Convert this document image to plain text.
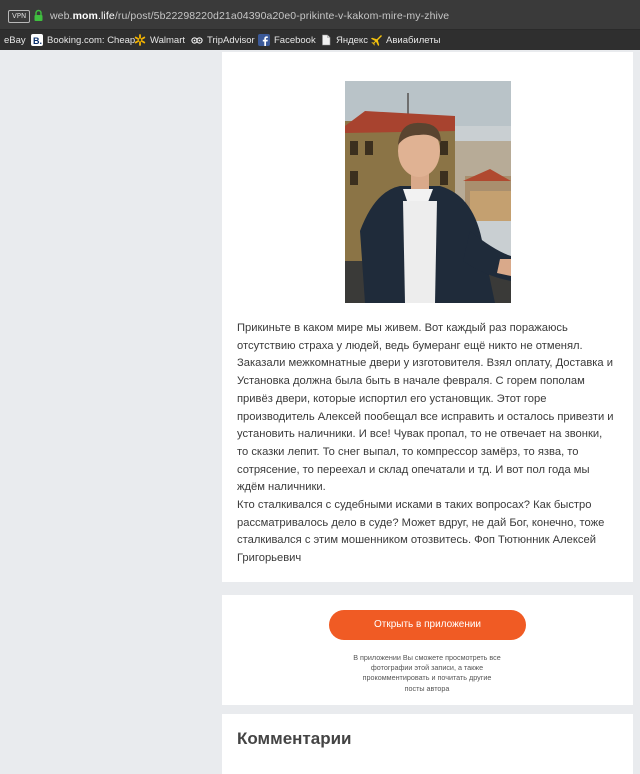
VPN	web.mom.life/ru/post/5b22298220d21a04390a20e0-prikinte-v-kakom-mire-my-zhive
eBay B. Booking.com: Cheap Walmart TripAdvisor Facebook Яндекс Авиабилеты

Прикиньте в каком мире мы живем. Вот каждый раз поражаюсь
отсутствию страха у людей, ведь бумеранг ещё никто не отменял.
Заказали межкомнатные двери у изготовителя. Взял оплату, Доставка и
Установка должна была быть в начале февраля. С горем пополам
привёз двери, которые испортил его установщик. Этот горе
производитель Алексей пообещал все исправить и осталось привезти и
установить наличники. И все! Чувак пропал, то не отвечает на звонки,
то сказки лепит. То снег выпал, то компрессор замёрз, то язва, то
сотрясение, то переехал и склад опечатали и тд. И вот пол года мы
ждём наличники.
Кто сталкивался с судебными исками в таких вопросах? Как быстро
рассматривалось дело в суде? Может вдруг, не дай Бог, конечно, тоже
сталкивался с этим мошенником отозвитесь. Фоп Тютюнник Алексей
Григорьевич

Открыть в приложении

В приложении Вы сможете просмотреть все
фотографии этой записи, а также
прокомментировать и почитать другие
посты автора

Комментарии
